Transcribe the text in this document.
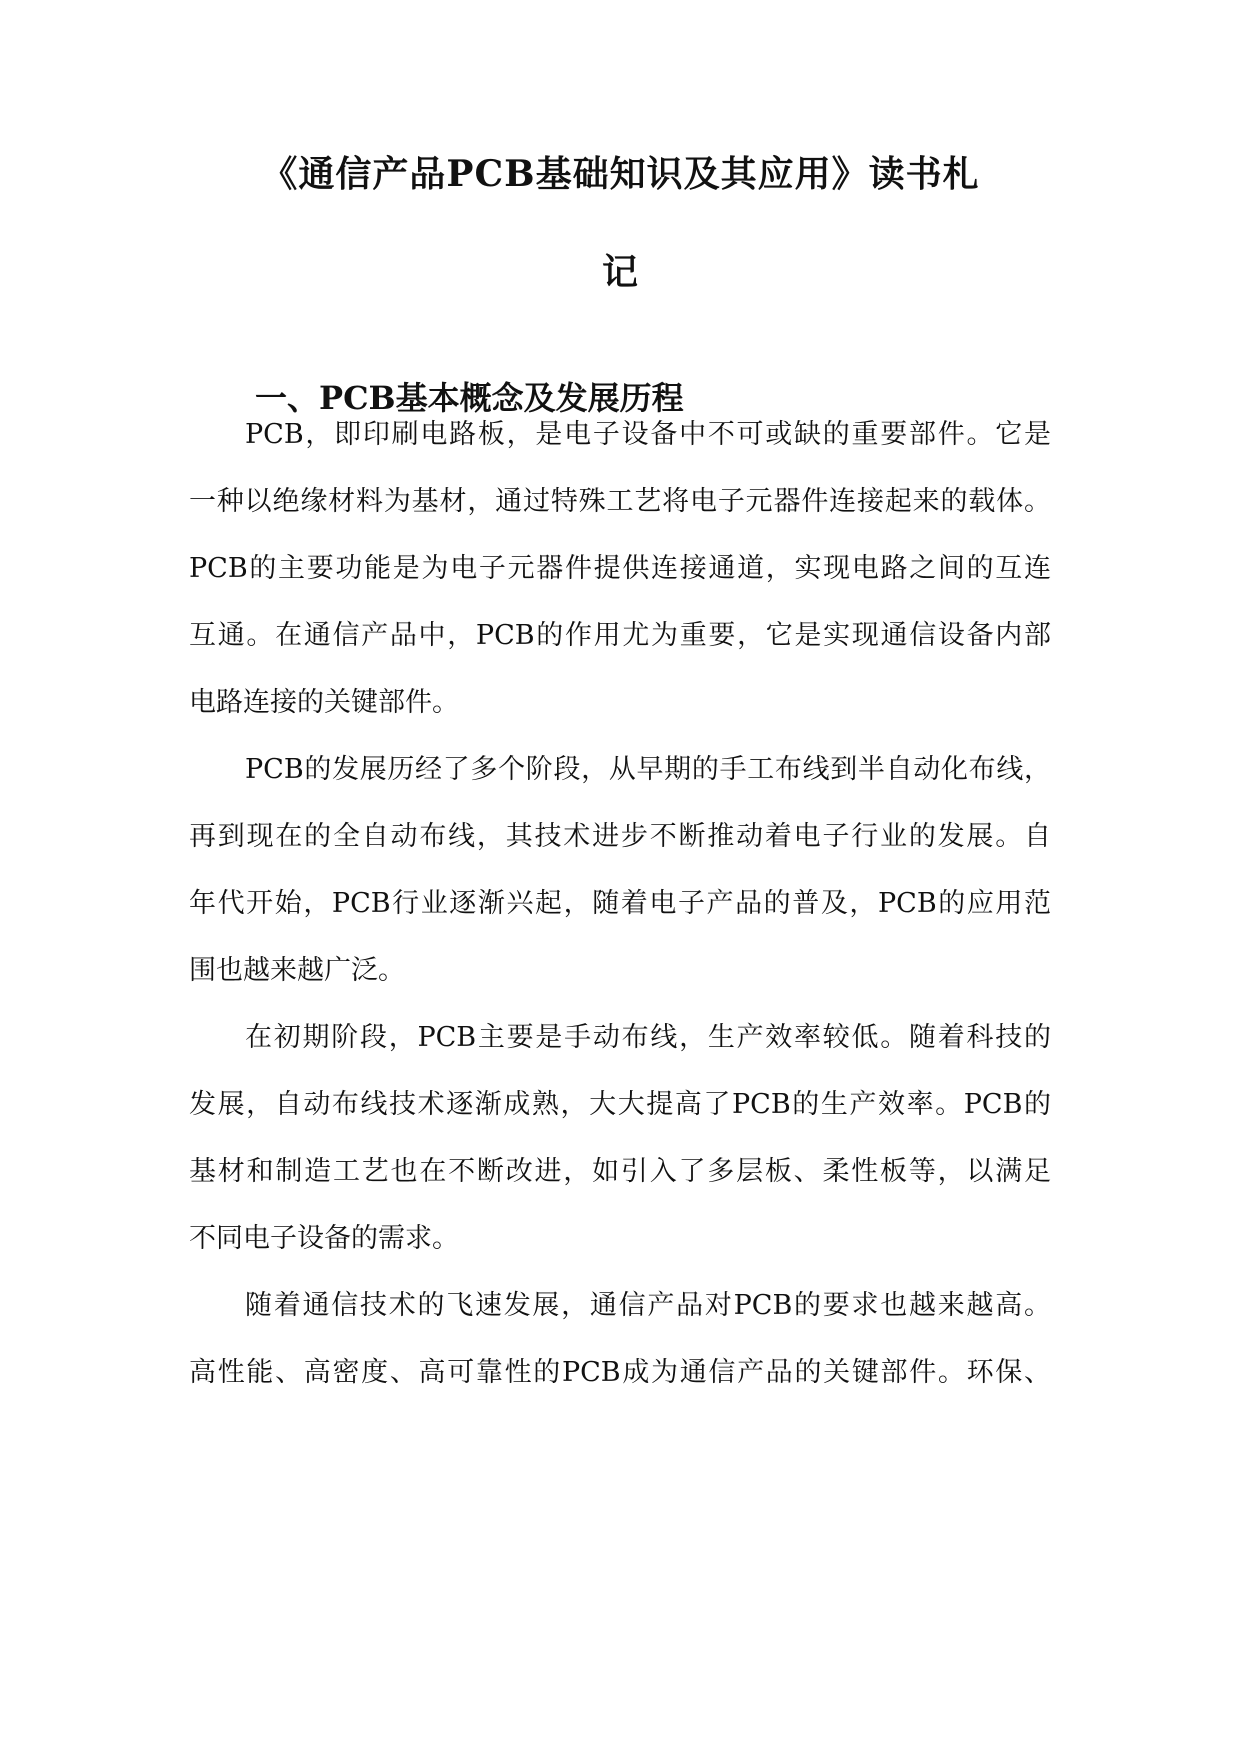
《通信产品PCB基础知识及其应用》读书札
记
一、PCB基本概念及发展历程
PCB，即印刷电路板，是电子设备中不可或缺的重要部件。它是
一种以绝缘材料为基材，通过特殊工艺将电子元器件连接起来的载体。
PCB的主要功能是为电子元器件提供连接通道，实现电路之间的互连
互通。在通信产品中，PCB的作用尤为重要，它是实现通信设备内部
电路连接的关键部件。
PCB的发展历经了多个阶段，从早期的手工布线到半自动化布线，
再到现在的全自动布线，其技术进步不断推动着电子行业的发展。自
年代开始，PCB行业逐渐兴起，随着电子产品的普及，PCB的应用范
围也越来越广泛。
在初期阶段，PCB主要是手动布线，生产效率较低。随着科技的
发展，自动布线技术逐渐成熟，大大提高了PCB的生产效率。PCB的
基材和制造工艺也在不断改进，如引入了多层板、柔性板等，以满足
不同电子设备的需求。
随着通信技术的飞速发展，通信产品对PCB的要求也越来越高。
高性能、高密度、高可靠性的PCB成为通信产品的关键部件。环保、
